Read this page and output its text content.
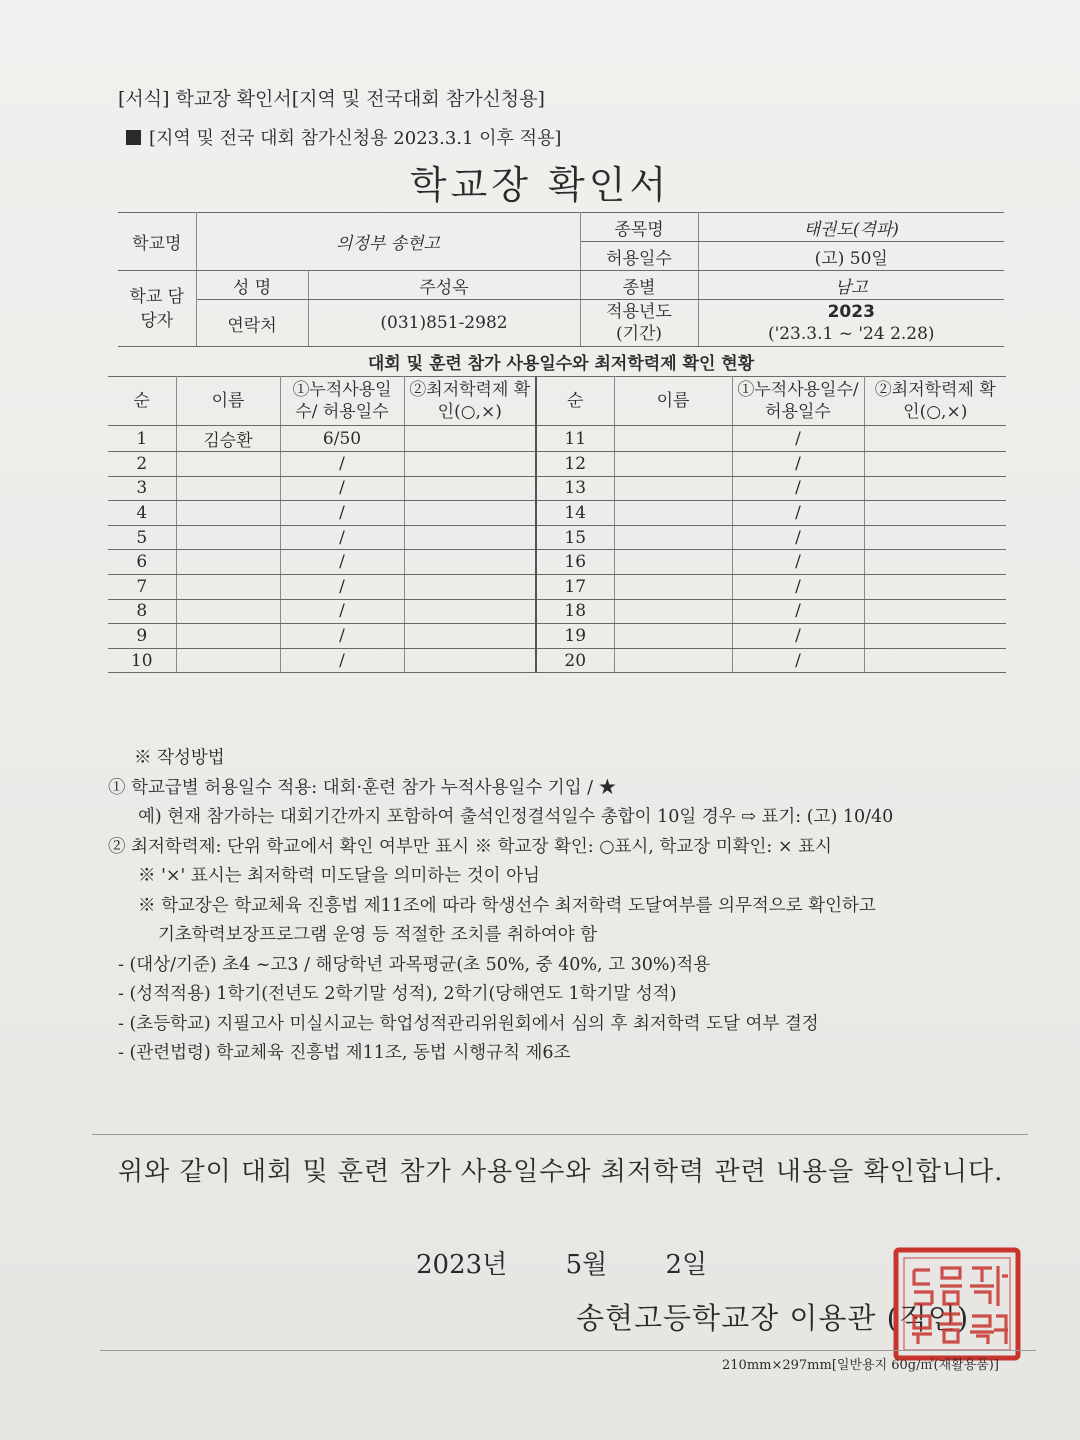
[서식] 학교장 확인서[지역 및 전국대회 참가신청용]
[지역 및 전국 대회 참가신청용 2023.3.1 이후 적용]
학교장 확인서
학교명	의정부 송현고		종목명	태권도(격파)
			허용일수	(고) 50일
학교 담당자	성 명	주성옥	종별	남고
	연락처	(031)851-2982	적용년도 (기간)	2023
('23.3.1 ~ '24 2.28)
대회 및 훈련 참가 사용일수와 최저학력제 확인 현황
순	이름	①누적사용일수/ 허용일수	②최저학력제 확인(○,×)	순	이름	①누적사용일수/ 허용일수	②최저학력제 확인(○,×)
1	김승환	6/50		11		/	
2		/		12		/	
3		/		13		/	
4		/		14		/	
5		/		15		/	
6		/		16		/	
7		/		17		/	
8		/		18		/	
9		/		19		/	
10		/		20		/	
※ 작성방법
① 학교급별 허용일수 적용: 대회·훈련 참가 누적사용일수 기입 / ★
예) 현재 참가하는 대회기간까지 포함하여 출석인정결석일수 총합이 10일 경우 ⇨ 표기: (고) 10/40
② 최저학력제: 단위 학교에서 확인 여부만 표시 ※ 학교장 확인: ○표시, 학교장 미확인: × 표시
※ '×' 표시는 최저학력 미도달을 의미하는 것이 아님
※ 학교장은 학교체육 진흥법 제11조에 따라 학생선수 최저학력 도달여부를 의무적으로 확인하고
기초학력보장프로그램 운영 등 적절한 조치를 취하여야 함
- (대상/기준) 초4 ~고3 / 해당학년 과목평균(초 50%, 중 40%, 고 30%)적용
- (성적적용) 1학기(전년도 2학기말 성적), 2학기(당해연도 1학기말 성적)
- (초등학교) 지필고사 미실시교는 학업성적관리위원회에서 심의 후 최저학력 도달 여부 결정
- (관련법령) 학교체육 진흥법 제11조, 동법 시행규칙 제6조
위와 같이 대회 및 훈련 참가 사용일수와 최저학력 관련 내용을 확인합니다.
2023년 5월 2일
송현고등학교장 이용관 (직인)
210mm×297mm[일반용지 60g/㎡(재활용품)]
